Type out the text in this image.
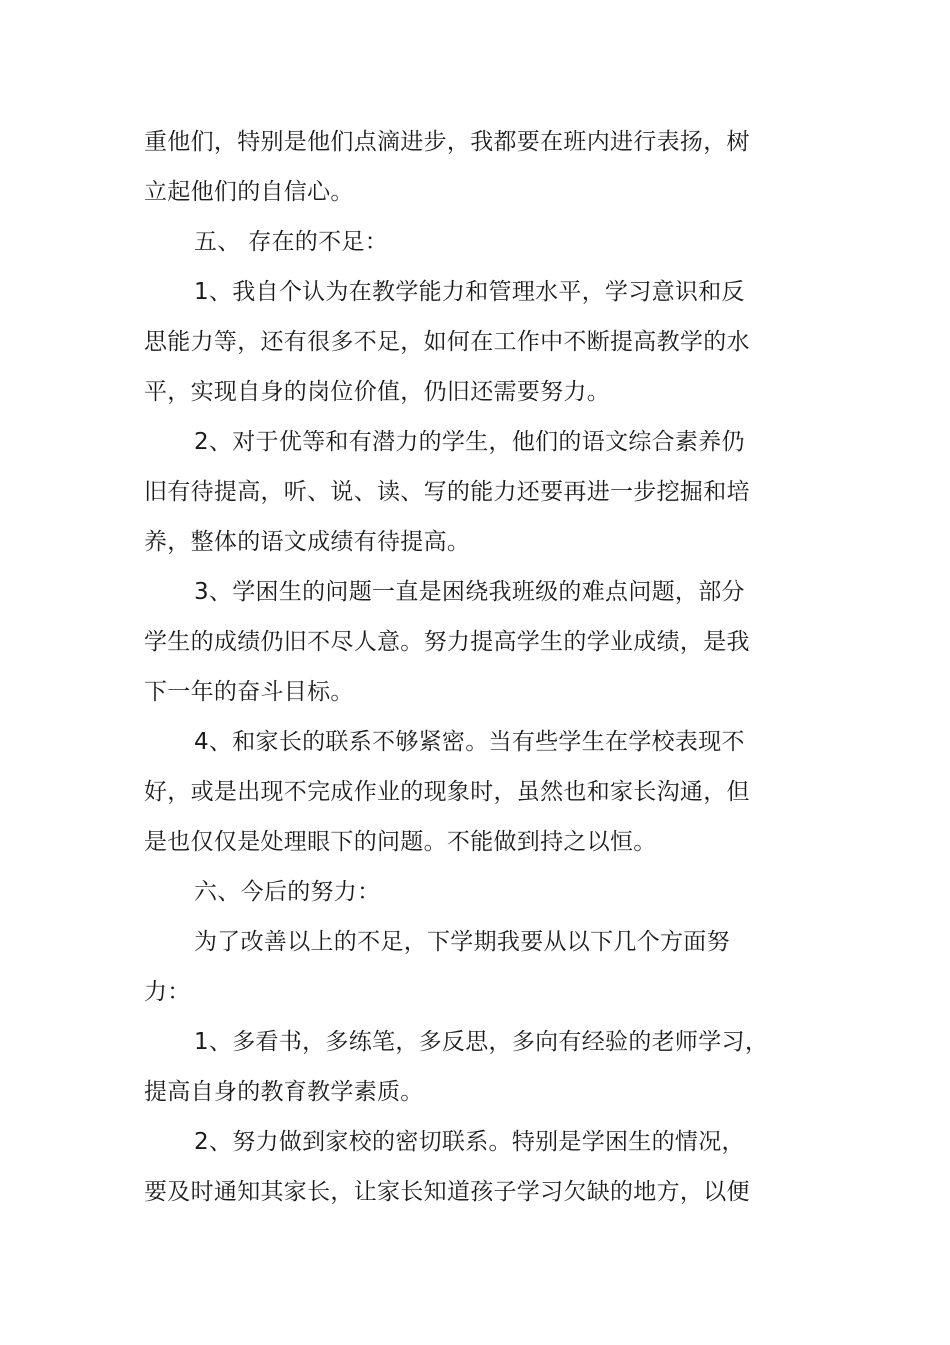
重他们，特别是他们点滴进步，我都要在班内进行表扬，树
立起他们的自信心。
五、 存在的不足：
1、我自个认为在教学能力和管理水平，学习意识和反
思能力等，还有很多不足，如何在工作中不断提高教学的水
平，实现自身的岗位价值，仍旧还需要努力。
2、对于优等和有潜力的学生，他们的语文综合素养仍
旧有待提高，听、说、读、写的能力还要再进一步挖掘和培
养，整体的语文成绩有待提高。
3、学困生的问题一直是困绕我班级的难点问题，部分
学生的成绩仍旧不尽人意。努力提高学生的学业成绩，是我
下一年的奋斗目标。
4、和家长的联系不够紧密。当有些学生在学校表现不
好，或是出现不完成作业的现象时，虽然也和家长沟通，但
是也仅仅是处理眼下的问题。不能做到持之以恒。
六、今后的努力：
为了改善以上的不足，下学期我要从以下几个方面努
力：
1、多看书，多练笔，多反思，多向有经验的老师学习，
提高自身的教育教学素质。
2、努力做到家校的密切联系。特别是学困生的情况，
要及时通知其家长，让家长知道孩子学习欠缺的地方，以便
